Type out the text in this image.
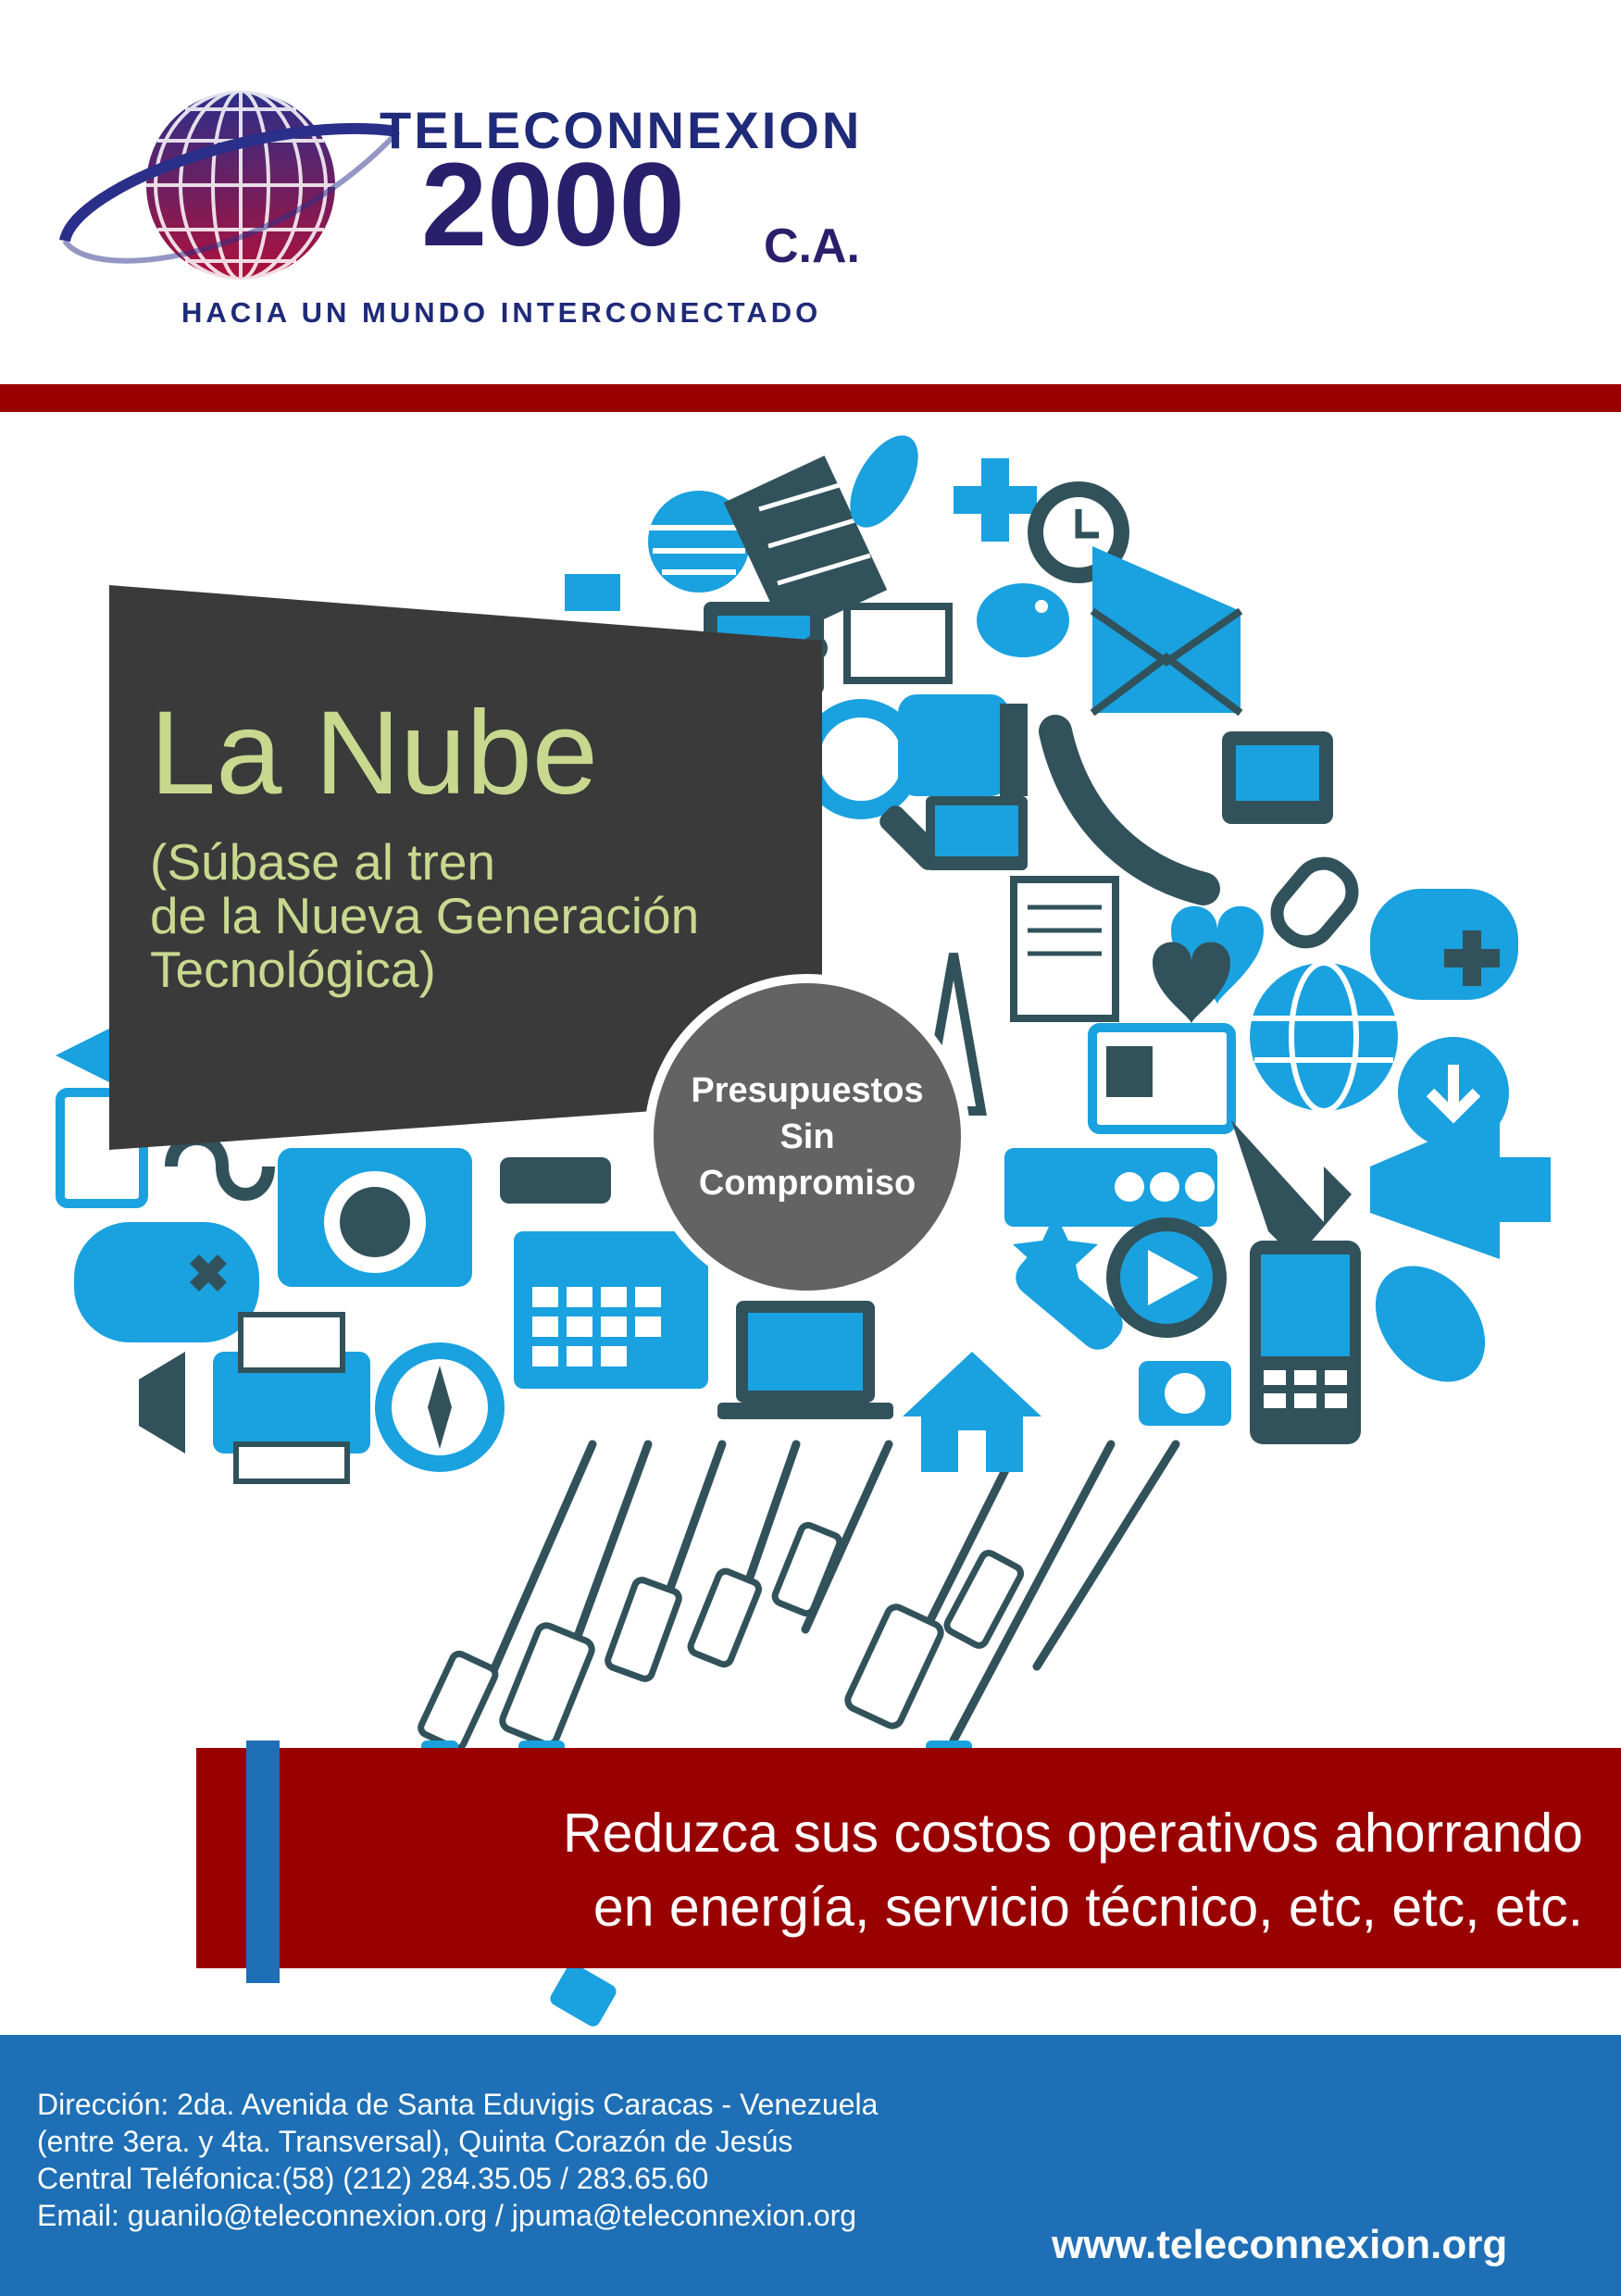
TELECONNEXION
2000 C.A.
HACIA UN MUNDO INTERCONECTADO
La Nube
(Súbase al tren
de la Nueva Generación
Tecnológica)
Presupuestos
Sin
Compromiso
Reduzca sus costos operativos ahorrando
en energía, servicio técnico, etc, etc, etc.
Dirección: 2da. Avenida de Santa Eduvigis Caracas - Venezuela
(entre 3era. y 4ta. Transversal), Quinta Corazón de Jesús
Central Teléfonica:(58) (212) 284.35.05 / 283.65.60
Email: guanilo@teleconnexion.org / jpuma@teleconnexion.org
www.teleconnexion.org
